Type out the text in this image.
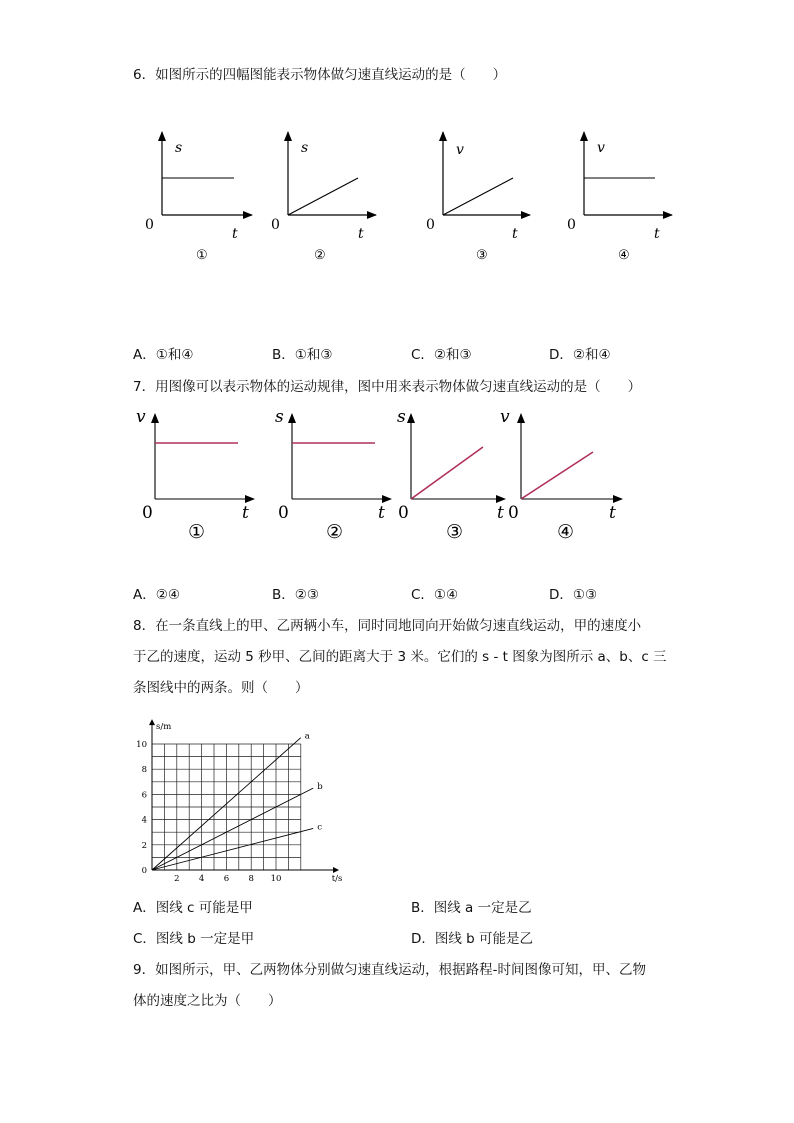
6．如图所示的四幅图能表示物体做匀速直线运动的是（　　）
s
t
0
①
s
t
0
②
v
t
0
③
v
t
0
④
A．①和④	B．①和③	C．②和③	D．②和④
7．用图像可以表示物体的运动规律，图中用来表示物体做匀速直线运动的是（　　）
v
t
0
①
s
t
0
②
s
t
0
③
v
t
0
④
A．②④	B．②③	C．①④	D．①③
8．在一条直线上的甲、乙两辆小车，同时同地同向开始做匀速直线运动，甲的速度小
于乙的速度，运动 5 秒甲、乙间的距离大于 3 米。它们的 s - t 图象为图所示 a、b、c 三
条图线中的两条。则（　　）
2 4 6 8 10
2
4
6
8
10
0
s/m
t/s
a
b
c
A．图线 c 可能是甲	B．图线 a 一定是乙
C．图线 b 一定是甲	D．图线 b 可能是乙
9．如图所示，甲、乙两物体分别做匀速直线运动，根据路程-时间图像可知，甲、乙物
体的速度之比为（　　）
